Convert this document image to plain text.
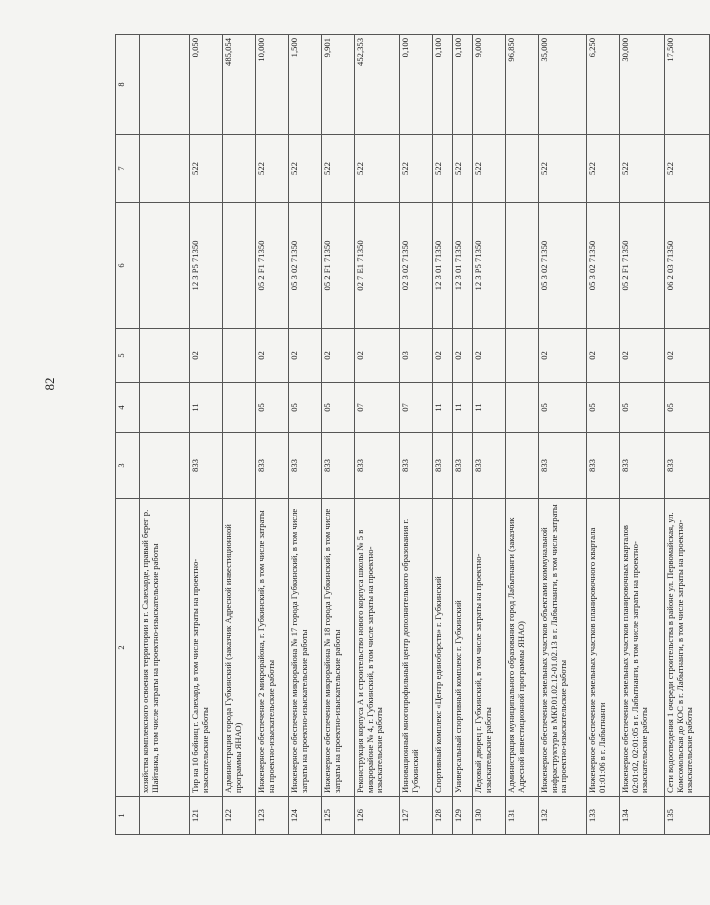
82
1	2	3	4	5	6	7	8
	хозяйства комплексного освоения территории в г. Салехарде, правый берег р. Шайтанка, в том числе затраты на проектно-изыскательские работы						
121	Тир на 10 бойниц г. Салехард, в том числе затраты на проектно-изыскательские работы	833	11	02	12 3 P5 71350	522	0,050
122	Администрация города Губкинский (заказчик Адресной инвестиционной программы ЯНАО)						485,054
123	Инженерное обеспечение 2 микрорайона, г. Губкинский, в том числе затраты на проектно-изыскательские работы	833	05	02	05 2 F1 71350	522	10,000
124	Инженерное обеспечение микрорайона № 17 города Губкинский, в том числе затраты на проектно-изыскательские работы	833	05	02	05 3 02 71350	522	1,500
125	Инженерное обеспечение микрорайона № 18 города Губкинский, в том числе затраты на проектно-изыскательские работы	833	05	02	05 2 F1 71350	522	9,901
126	Реконструкция корпуса А и строительство нового корпуса школы № 5 в микрорайоне № 4, г. Губкинский, в том числе затраты на проектно-изыскательские работы	833	07	02	02 7 E1 71350	522	452,353
127	Инновационный многопрофильный центр дополнительного образования г. Губкинский	833	07	03	02 3 02 71350	522	0,100
128	Спортивный комплекс «Центр единоборств» г. Губкинский	833	11	02	12 3 01 71350	522	0,100
129	Универсальный спортивный комплекс г. Губкинский	833	11	02	12 3 01 71350	522	0,100
130	Ледовый дворец г. Губкинский, в том числе затраты на проектно-изыскательские работы	833	11	02	12 3 P5 71350	522	9,000
131	Администрация муниципального образования город Лабытнанги (заказчик Адресной инвестиционной программы ЯНАО)						96,850
132	Инженерное обеспечение земельных участков объектами коммунальной инфраструктуры в МКР.01.02.12-01.02.13 в г. Лабытнанги, в том числе затраты на проектно-изыскательские работы	833	05	02	05 3 02 71350	522	35,000
133	Инженерное обеспечение земельных участков планировочного квартала 01:01:06 в г. Лабытнанги	833	05	02	05 3 02 71350	522	6,250
134	Инженерное обеспечение земельных участков планировочных кварталов 02:01:02, 02:01:05 в г. Лабытнанги, в том числе затраты на проектно-изыскательские работы	833	05	02	05 2 F1 71350	522	30,000
135	Сети водоотведения 1 очереди строительства в районе ул. Первомайская, ул. Комсомольская до КОС в г. Лабытнанги, в том числе затраты на проектно-изыскательские работы	833	05	02	06 2 03 71350	522	17,500
